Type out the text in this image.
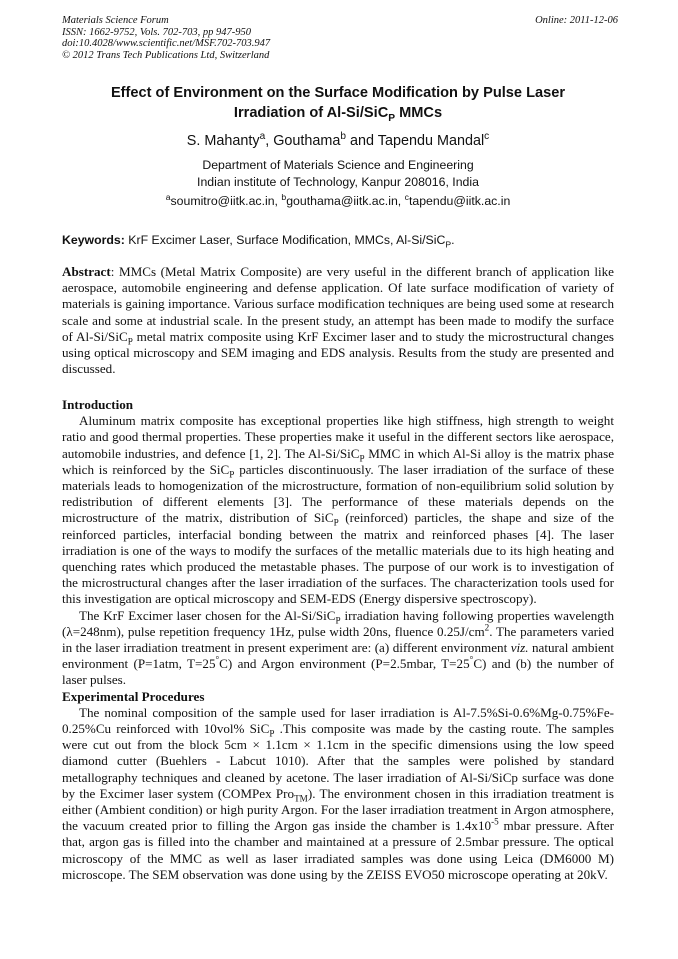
Materials Science Forum
ISSN: 1662-9752, Vols. 702-703, pp 947-950
doi:10.4028/www.scientific.net/MSF.702-703.947
© 2012 Trans Tech Publications Ltd, Switzerland
Online: 2011-12-06
Effect of Environment on the Surface Modification by Pulse Laser
Irradiation of Al-Si/SiC$_P$ MMCs
S. Mahanty$^a$, Gouthama$^b$ and Tapendu Mandal$^c$
Department of Materials Science and Engineering
Indian institute of Technology, Kanpur 208016, India
$^a$soumitro@iitk.ac.in, $^b$gouthama@iitk.ac.in, $^c$tapendu@iitk.ac.in
Keywords: KrF Excimer Laser, Surface Modification, MMCs, Al-Si/SiC$_P$.

Abstract: MMCs (Metal Matrix Composite) are very useful in the different branch of application like aerospace, automobile engineering and defense application. Of late surface modification of variety of materials is gaining importance. Various surface modification techniques are being used some at research scale and some at industrial scale. In the present study, an attempt has been made to modify the surface of Al-Si/SiC$_P$ metal matrix composite using KrF Excimer laser and to study the microstructural changes using optical microscopy and SEM imaging and EDS analysis. Results from the study are presented and discussed.

Introduction

Aluminum matrix composite has exceptional properties like high stiffness, high strength to weight ratio and good thermal properties. These properties make it useful in the different sectors like aerospace, automobile industries, and defence [1, 2]. The Al-Si/SiC$_P$ MMC in which Al-Si alloy is the matrix phase which is reinforced by the SiC$_P$ particles discontinuously. The laser irradiation of the surface of these materials leads to homogenization of the microstructure, formation of non-equilibrium solid solution by redistribution of different elements [3]. The performance of these materials depends on the microstructure of the matrix, distribution of SiC$_P$ (reinforced) particles, the shape and size of the reinforced particles, interfacial bonding between the matrix and reinforced phases [4]. The laser irradiation is one of the ways to modify the surfaces of the metallic materials due to its high heating and quenching rates which produced the metastable phases. The purpose of our work is to investigation of the microstructural changes after the laser irradiation of the surfaces. The characterization tools used for this investigation are optical microscopy and SEM-EDS (Energy dispersive spectroscopy).

The KrF Excimer laser chosen for the Al-Si/SiC$_P$ irradiation having following properties wavelength (λ=248nm), pulse repetition frequency 1Hz, pulse width 20ns, fluence $0.25J/cm^2$. The parameters varied in the laser irradiation treatment in present experiment are: (a) different environment viz. natural ambient environment (P=1atm, T=25°C) and Argon environment (P=2.5mbar, T=25°C) and (b) the number of laser pulses.

Experimental Procedures

The nominal composition of the sample used for laser irradiation is Al-7.5%Si-0.6%Mg-0.75%Fe-0.25%Cu reinforced with 10vol% SiC$_P$ .This composite was made by the casting route. The samples were cut out from the block 5cm × 1.1cm × 1.1cm in the specific dimensions using the low speed diamond cutter (Buehlers - Labcut 1010). After that the samples were polished by standard metallography techniques and cleaned by acetone. The laser irradiation of Al-Si/SiCp surface was done by the Excimer laser system (COMPex Pro$_{TM}$). The environment chosen in this irradiation treatment is either (Ambient condition) or high purity Argon. For the laser irradiation treatment in Argon atmosphere, the vacuum created prior to filling the Argon gas inside the chamber is $1.4x10^{-5}$ mbar pressure. After that, argon gas is filled into the chamber and maintained at a pressure of 2.5mbar pressure. The optical microscopy of the MMC as well as laser irradiated samples was done using Leica (DM6000 M) microscope. The SEM observation was done using by the ZEISS EVO50 microscope operating at 20kV.
